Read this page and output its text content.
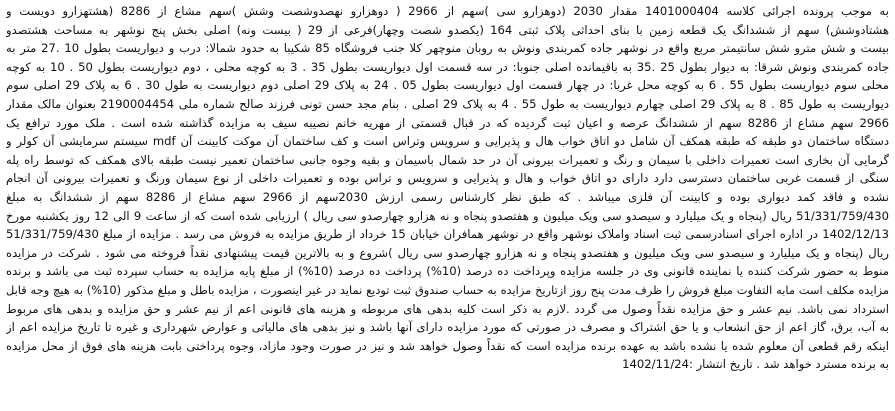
به موجب پرونده اجرائی کلاسه 1401000404 مقدار 2030 (دوهزارو سی )سهم از 2966 ( دوهزارو نهصدوشصت وشش )سهم مشاع از 8286 (هشتهزارو دویست و
هشتادوشش) سهم از ششدانگ یک قطعه زمین با بنای احداثی پلاک ثبتی 164 (یکصدو شصت وچهار)فرعی از 29 ( بیست ونه) اصلی بخش پنج نوشهر به مساحت هشتصدو
بیست و شش مترو شش سانتیمتر مربع واقع در نوشهر جاده کمربندی ونوش به روبان منوچهر کلا جنب فروشگاه 85 شکیبا به حدود شمالا: درب و دیواریست بطول 10 .27 متر به
جاده کمربندی ونوش شرقا: به دیوار بطول 25 .35 به باقیمانده اصلی جنوبا: در سه قسمت اول دیواریست بطول 35 . 3 به کوچه محلی ، دوم دیواریست بطول 50 . 10 به کوچه
محلی سوم دیواریست بطول 55 . 6 به کوچه محل غربا: در چهار قسمت اول دیواریست بطول 05 . 24 به پلاک 29 اصلی دوم دیواریست به طول 30 . 6 به پلاک 29 اصلی سوم
دیواریست به طول 85 . 8 به پلاک 29 اصلی چهارم دیواریست به طول 55 . 4 به پلاک 29 اصلی . بنام مجد حسن تونی فرزند صالح شماره ملی 2190004454 بعنوان مالک مقدار
2966 سهم مشاع از 8286 سهم از ششدانگ عرصه و اعیان ثبت گردیده که در قبال قسمتی از مهریه خانم نصیبه سیف به مزایده گذاشته شده است . ملک مورد ترافع یک
دستگاه ساختمان دو طبقه که طبقه همکف آن شامل دو اتاق خواب هال و پذیرایی و سرویس وتراس است و کف ساختمان آن موکت کابینت آن mdf سیستم سرمایشی آن کولر و
گرمایی آن بخاری است تعمیرات داخلی با سیمان و رنگ و تعمیرات بیرونی آن در حد شمال باسیمان و بقیه وجوه جانبی ساختمان تعمیر نیست طبقه بالای همکف که توسط راه پله
سنگی از قسمت غربی ساختمان دسترسی دارد دارای دو اتاق خواب و هال و پذیرایی و سرویس و تراس بوده و تعمیرات داخلی از نوع سیمان ورنگ و تعمیرات بیرونی آن انجام
نشده و فاقد کمد دیواری بوده و کابینت آن فلزی میباشد . که طبق نظر کارشناس رسمی ارزش 2030سهم از 2966 سهم مشاع از 8286 سهم از ششدانگ به مبلغ
51/331/759/430 ریال (پنجاه و یک میلیارد و سیصدو سی ویک میلیون و هفتصدو پنجاه و نه هزارو چهارصدو سی ریال ) ارزیابی شده است که از ساعت 9 الی 12 روز یکشنبه مورخ
1402/12/13 در اداره اجرای اسنادرسمی ثبت اسناد واملاک نوشهر واقع در نوشهر همافران خیابان 15 خرداد از طریق مزایده به فروش می رسد . مزایده از مبلغ 51/331/759/430
ریال (پنجاه و یک میلیارد و سیصدو سی ویک میلیون و هفتصدو پنجاه و نه هزارو چهارصدو سی ریال )شروع و به بالاترین قیمت پیشنهادی نقداً فروخته می شود . شرکت در مزایده
منوط به حضور شرکت کننده یا نماینده قانونی وی در جلسه مزایده وپرداخت ده درصد (10%) پرداخت ده درصد (10%) از مبلغ پایه مزایده به حساب سپرده ثبت می باشد و برنده
مزایده مکلف است مابه التفاوت مبلغ فروش را ظرف مدت پنج روز ازتاریخ مزایده به حساب صندوق ثبت تودیع نماید در غیر اینصورت ، مزایده باطل و مبلغ مذکور (10%) به هیچ وجه قابل
استرداد نمی باشد. نیم عشر و حق مزایده نقداً وصول می گردد .لازم به ذکر است کلیه بدهی های مربوطه و هزینه های قانونی اعم از نیم عشر و حق مزایده و بدهی های مربوط
به آب، برق، گاز اعم از حق انشعاب و یا حق اشتراک و مصرف در صورتی که مورد مزایده دارای آنها باشد و نیز بدهی های مالیاتی و عوارض شهرداری و غیره تا تاریخ مزایده اعم از
اینکه رقم قطعی آن معلوم شده یا نشده باشد به عهده برنده مزایده است که نقداً وصول خواهد شد و نیز در صورت وجود مازاد، وجوه پرداختی بابت هزینه های فوق از محل مزایده
به برنده مسترد خواهد شد . تاریخ انتشار :1402/11/24
